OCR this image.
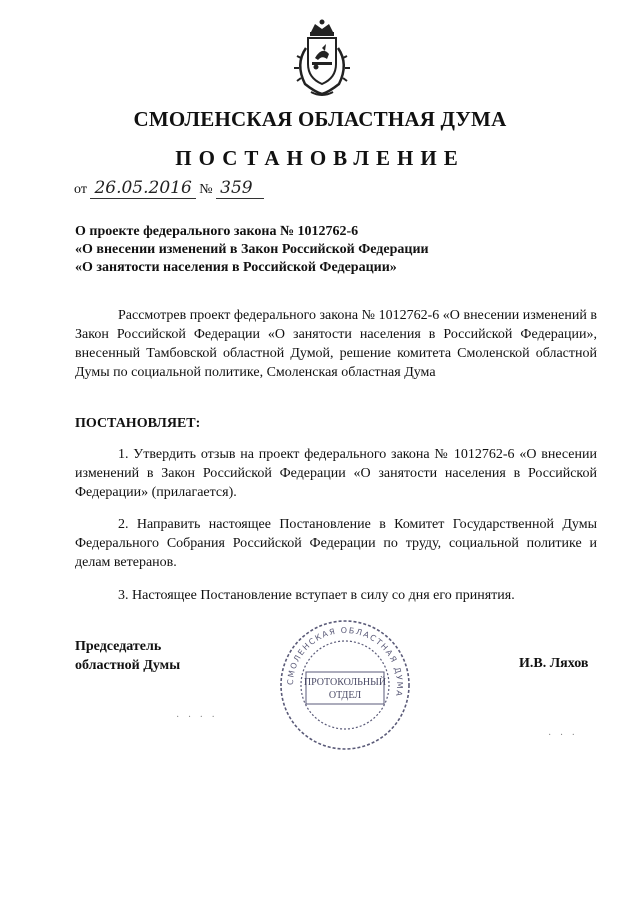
СМОЛЕНСКАЯ ОБЛАСТНАЯ ДУМА
ПОСТАНОВЛЕНИЕ
от 26.05.2016 № 359
О проекте федерального закона № 1012762-6
«О внесении изменений в Закон Российской Федерации
«О занятости населения в Российской Федерации»
Рассмотрев проект федерального закона № 1012762-6 «О внесении изменений в Закон Российской Федерации «О занятости населения в Российской Федерации», внесенный Тамбовской областной Думой, решение комитета Смоленской областной Думы по социальной политике, Смоленская областная Дума
ПОСТАНОВЛЯЕТ:
1. Утвердить отзыв на проект федерального закона № 1012762-6 «О внесении изменений в Закон Российской Федерации «О занятости населения в Российской Федерации» (прилагается).
2. Направить настоящее Постановление в Комитет Государственной Думы Федерального Собрания Российской Федерации по труду, социальной политике и делам ветеранов.
3. Настоящее Постановление вступает в силу со дня его принятия.
Председатель
областной Думы	И.В. Ляхов
СМОЛЕНСКАЯ ОБЛАСТНАЯ ДУМА
ПРОТОКОЛЬНЫЙ
ОТДЕЛ
· · · ·
· · ·
